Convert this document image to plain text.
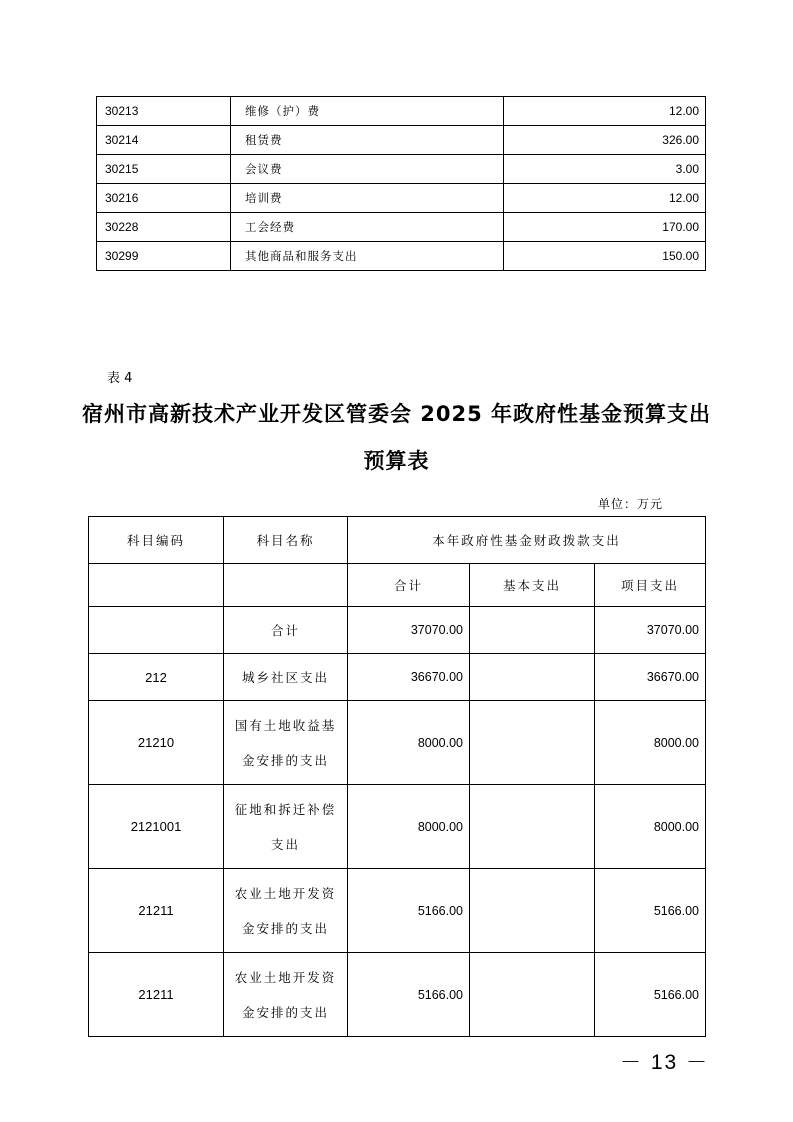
30213	维修（护）费	12.00
30214	租赁费	326.00
30215	会议费	3.00
30216	培训费	12.00
30228	工会经费	170.00
30299	其他商品和服务支出	150.00
表 4
宿州市高新技术产业开发区管委会 2025 年政府性基金预算支出
预算表
单位：万元
科目编码	科目名称	本年政府性基金财政拨款支出		
		合计	基本支出	项目支出
	合计	37070.00		37070.00
212	城乡社区支出	36670.00		36670.00
21210	国有土地收益基
金安排的支出	8000.00		8000.00
2121001	征地和拆迁补偿
支出	8000.00		8000.00
21211	农业土地开发资
金安排的支出	5166.00		5166.00
21211	农业土地开发资
金安排的支出	5166.00		5166.00
－ 13 －
